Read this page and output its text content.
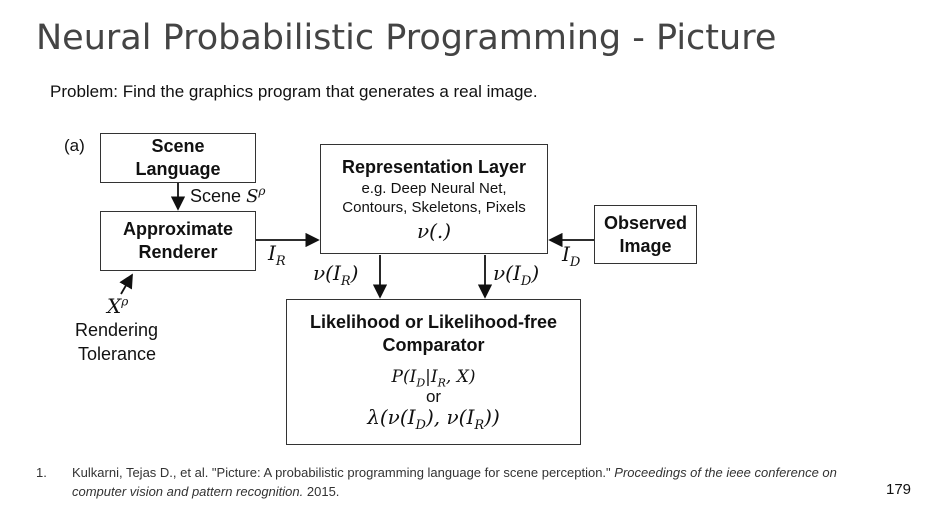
Neural Probabilistic Programming - Picture
Problem: Find the graphics program that generates a real image.
(a)	Scene
Language
Scene $S^\rho$
Approximate
Renderer	$I_R$
Representation Layer
e.g. Deep Neural Net,
Contours, Skeletons, Pixels
ν(.)	Observed
Image
$I_D$
$\nu(I_R)$	$\nu(I_D)$
$X^\rho$
Rendering
Tolerance
Likelihood or Likelihood-free
Comparator
$P(I_D|I_R$, X)
or
$\lambda(\nu(I_D)$, $\nu(I_R)$)
1. Kulkarni, Tejas D., et al. "Picture: A probabilistic programming language for scene perception." Proceedings of the ieee conference on computer vision and pattern recognition. 2015.	179
